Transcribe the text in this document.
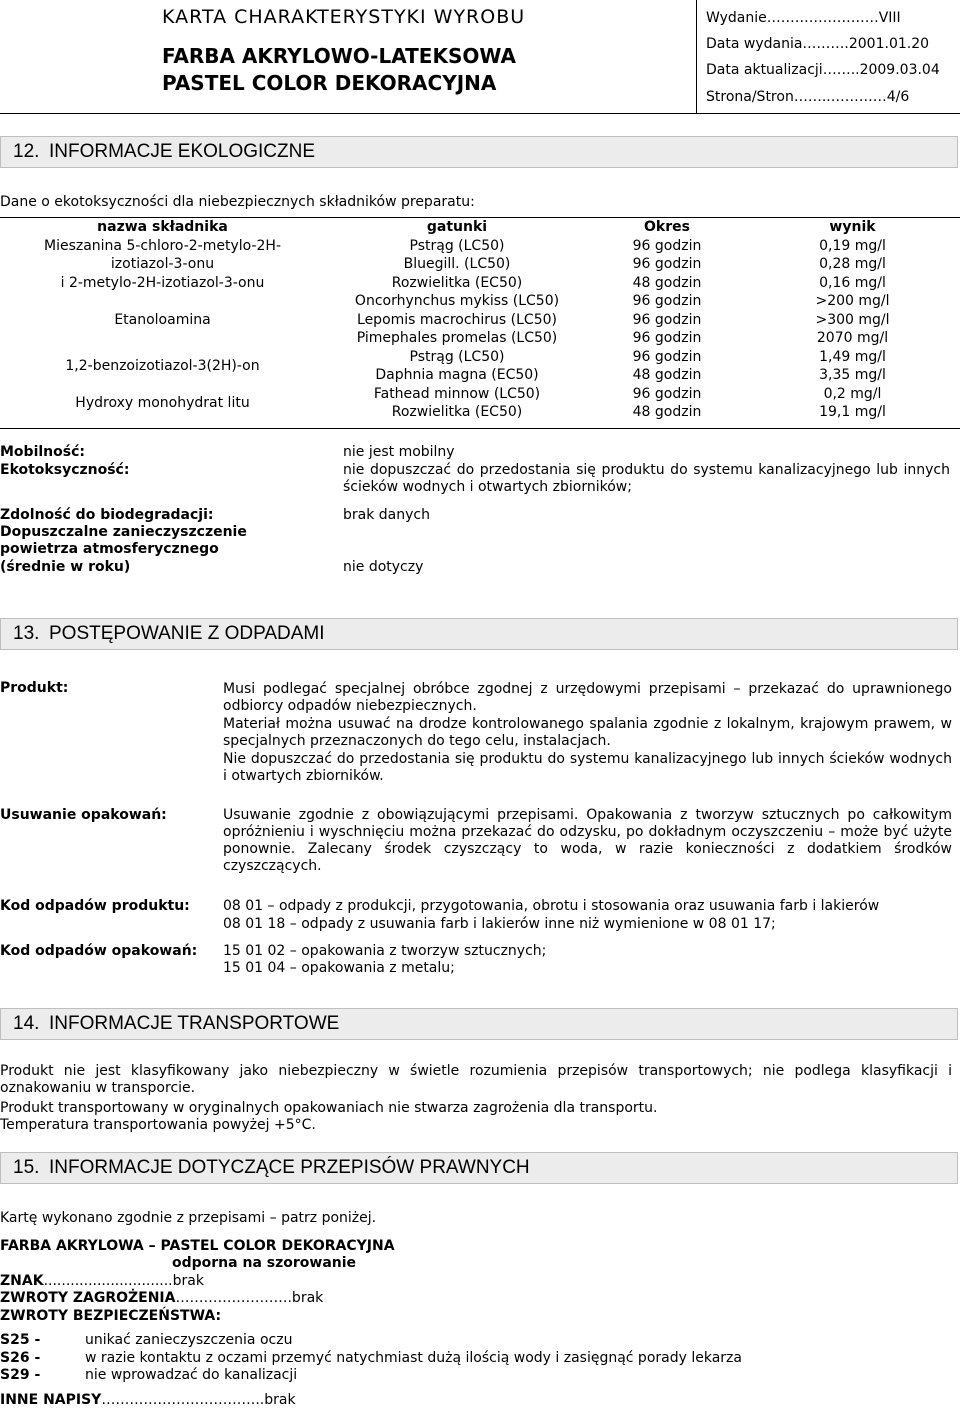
KARTA CHARAKTERYSTYKI WYROBU
FARBA AKRYLOWO-LATEKSOWA
PASTEL COLOR DEKORACYJNA
Wydanie……………………VIII
Data wydania……….2001.01.20
Data aktualizacji……..2009.03.04
Strona/Stron……..…………4/6
12. INFORMACJE EKOLOGICZNE
Dane o ekotoksyczności dla niebezpiecznych składników preparatu:
nazwa składnika	gatunki	Okres	wynik
Mieszanina 5-chloro-2-metylo-2H-	Pstrąg (LC50)	96 godzin	0,19 mg/l
izotiazol-3-onu	Bluegill. (LC50)	96 godzin	0,28 mg/l
i 2-metylo-2H-izotiazol-3-onu	Rozwielitka (EC50)	48 godzin	0,16 mg/l
Etanoloamina	Oncorhynchus mykiss (LC50)	96 godzin	>200 mg/l
	Lepomis macrochirus (LC50)	96 godzin	>300 mg/l
	Pimephales promelas (LC50)	96 godzin	2070 mg/l
1,2-benzoizotiazol-3(2H)-on	Pstrąg (LC50)	96 godzin	1,49 mg/l
	Daphnia magna (EC50)	48 godzin	3,35 mg/l
Hydroxy monohydrat litu	Fathead minnow (LC50)	96 godzin	0,2 mg/l
	Rozwielitka (EC50)	48 godzin	19,1 mg/l
Mobilność:	nie jest mobilny
Ekotoksyczność:	nie dopuszczać do przedostania się produktu do systemu kanalizacyjnego lub innych ścieków wodnych i otwartych zbiorników;
Zdolność do biodegradacji:	brak danych
Dopuszczalne zanieczyszczenie
powietrza atmosferycznego
(średnie w roku)	nie dotyczy
13. POSTĘPOWANIE Z ODPADAMI
Produkt:	Musi podlegać specjalnej obróbce zgodnej z urzędowymi przepisami – przekazać do uprawnionego odbiorcy odpadów niebezpiecznych.
Materiał można usuwać na drodze kontrolowanego spalania zgodnie z lokalnym, krajowym prawem, w specjalnych przeznaczonych do tego celu, instalacjach.
Nie dopuszczać do przedostania się produktu do systemu kanalizacyjnego lub innych ścieków wodnych i otwartych zbiorników.
Usuwanie opakowań:	Usuwanie zgodnie z obowiązującymi przepisami. Opakowania z tworzyw sztucznych po całkowitym opróżnieniu i wyschnięciu można przekazać do odzysku, po dokładnym oczyszczeniu – może być użyte ponownie. Zalecany środek czyszczący to woda, w razie konieczności z dodatkiem środków czyszczących.
Kod odpadów produktu: 08 01 – odpady z produkcji, przygotowania, obrotu i stosowania oraz usuwania farb i lakierów
08 01 18 – odpady z usuwania farb i lakierów inne niż wymienione w 08 01 17;
Kod odpadów opakowań: 15 01 02 – opakowania z tworzyw sztucznych;
15 01 04 – opakowania z metalu;
14. INFORMACJE TRANSPORTOWE
Produkt nie jest klasyfikowany jako niebezpieczny w świetle rozumienia przepisów transportowych; nie podlega klasyfikacji i oznakowaniu w transporcie.
Produkt transportowany w oryginalnych opakowaniach nie stwarza zagrożenia dla transportu.
Temperatura transportowania powyżej +5°C.
15. INFORMACJE DOTYCZĄCE PRZEPISÓW PRAWNYCH
Kartę wykonano zgodnie z przepisami – patrz poniżej.
FARBA AKRYLOWA – PASTEL COLOR DEKORACYJNA
odporna na szorowanie
ZNAK.............................brak
ZWROTY ZAGROŻENIA…………………….brak
ZWROTY BEZPIECZEŃSTWA:
S25 -	unikać zanieczyszczenia oczu
S26 -	w razie kontaktu z oczami przemyć natychmiast dużą ilością wody i zasięgnąć porady lekarza
S29 -	nie wprowadzać do kanalizacji
INNE NAPISY……………………………..brak
